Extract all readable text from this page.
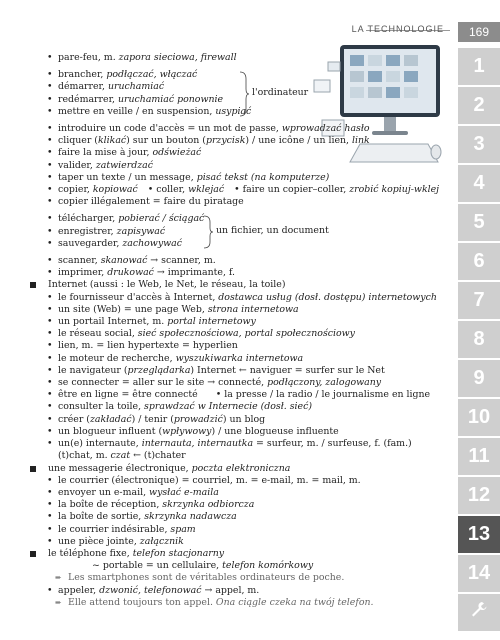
LA TECHNOLOGIE	169
1
2
3
4
5
6
7
8
9
10
11
12
13
14
• pare-feu, m. zapora sieciowa, firewall
• brancher, podłączać, włączać
• démarrer, uruchamiać
• redémarrer, uruchamiać ponownie
• mettre en veille / en suspension, usypiać
l'ordinateur
• introduire un code d'accès = un mot de passe, wprowadzać hasło
• cliquer (klikać) sur un bouton (przycisk) / une icône / un lien, link
• faire la mise à jour, odświeżać
• valider, zatwierdzać
• taper un texte / un message, pisać tekst (na komputerze)
• copier, kopiować • coller, wklejać • faire un copier–coller, zrobić kopiuj-wklej
• copier illégalement = faire du piratage
• télécharger, pobierać / ściągać
• enregistrer, zapisywać
• sauvegarder, zachowywać
un fichier, un document
• scanner, skanować → scanner, m.
• imprimer, drukować → imprimante, f.
Internet (aussi : le Web, le Net, le réseau, la toile)
• le fournisseur d'accès à Internet, dostawca usług (dosł. dostępu) internetowych
• un site (Web) = une page Web, strona internetowa
• un portail Internet, m. portal internetowy
• le réseau social, sieć społecznościowa, portal społecznościowy
• lien, m. = lien hypertexte = hyperlien
• le moteur de recherche, wyszukiwarka internetowa
• le navigateur (przeglądarka) Internet ← naviguer = surfer sur le Net
• se connecter = aller sur le site → connecté, podłączony, zalogowany
• être en ligne = être connecté • la presse / la radio / le journalisme en ligne
• consulter la toile, sprawdzać w Internecie (dosł. sieć)
• créer (zakładać) / tenir (prowadzić) un blog
• un blogueur influent (wpływowy) / une blogueuse influente
• un(e) internaute, internauta, internautka = surfeur, m. / surfeuse, f. (fam.)
(t)chat, m. czat ← (t)chater
une messagerie électronique, poczta elektroniczna
• le courrier (électronique) = courriel, m. = e-mail, m. = mail, m.
• envoyer un e-mail, wysłać e-maila
• la boîte de réception, skrzynka odbiorcza
• la boîte de sortie, skrzynka nadawcza
• le courrier indésirable, spam
• une pièce jointe, załącznik
le téléphone fixe, telefon stacjonarny
~ portable = un cellulaire, telefon komórkowy
➨ Les smartphones sont de véritables ordinateurs de poche.
• appeler, dzwonić, telefonować → appel, m.
➨ Elle attend toujours ton appel. Ona ciągle czeka na twój telefon.
